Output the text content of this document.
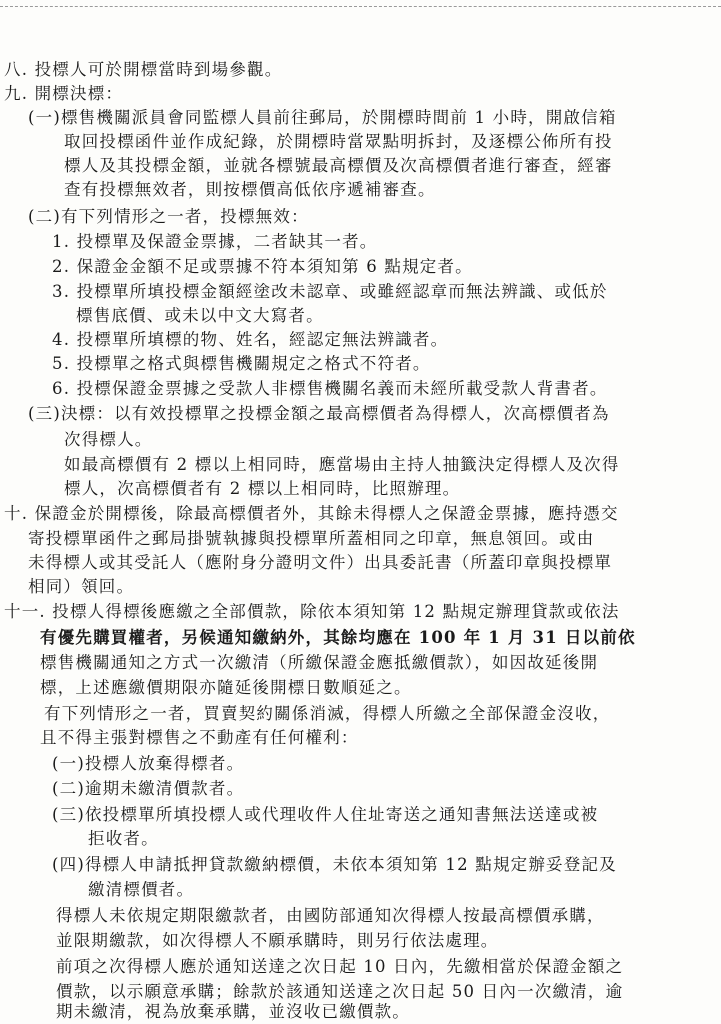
八. 投標人可於開標當時到場參觀。
九. 開標決標：
(一)標售機關派員會同監標人員前往郵局，於開標時間前 1 小時，開啟信箱
取回投標函件並作成紀錄，於開標時當眾點明拆封，及逐標公佈所有投
標人及其投標金額，並就各標號最高標價及次高標價者進行審查，經審
查有投標無效者，則按標價高低依序遞補審查。
(二)有下列情形之一者，投標無效：
1. 投標單及保證金票據，二者缺其一者。
2. 保證金金額不足或票據不符本須知第 6 點規定者。
3. 投標單所填投標金額經塗改未認章、或雖經認章而無法辨識、或低於
標售底價、或未以中文大寫者。
4. 投標單所填標的物、姓名，經認定無法辨識者。
5. 投標單之格式與標售機關規定之格式不符者。
6. 投標保證金票據之受款人非標售機關名義而未經所載受款人背書者。
(三)決標：以有效投標單之投標金額之最高標價者為得標人，次高標價者為
次得標人。
如最高標價有 2 標以上相同時，應當場由主持人抽籤決定得標人及次得
標人，次高標價者有 2 標以上相同時，比照辦理。
十. 保證金於開標後，除最高標價者外，其餘未得標人之保證金票據，應持憑交
寄投標單函件之郵局掛號執據與投標單所蓋相同之印章，無息領回。或由
未得標人或其受託人（應附身分證明文件）出具委託書（所蓋印章與投標單
相同）領回。
十一. 投標人得標後應繳之全部價款，除依本須知第 12 點規定辦理貸款或依法
有優先購買權者，另候通知繳納外，其餘均應在 100 年 1 月 31 日以前依
標售機關通知之方式一次繳清（所繳保證金應抵繳價款），如因故延後開
標，上述應繳價期限亦隨延後開標日數順延之。
有下列情形之一者，買賣契約關係消滅，得標人所繳之全部保證金沒收，
且不得主張對標售之不動產有任何權利：
(一)投標人放棄得標者。
(二)逾期未繳清價款者。
(三)依投標單所填投標人或代理收件人住址寄送之通知書無法送達或被
拒收者。
(四)得標人申請抵押貸款繳納標價，未依本須知第 12 點規定辦妥登記及
繳清標價者。
得標人未依規定期限繳款者，由國防部通知次得標人按最高標價承購，
並限期繳款，如次得標人不願承購時，則另行依法處理。
前項之次得標人應於通知送達之次日起 10 日內，先繳相當於保證金額之
價款，以示願意承購；餘款於該通知送達之次日起 50 日內一次繳清，逾
期未繳清，視為放棄承購，並沒收已繳價款。
